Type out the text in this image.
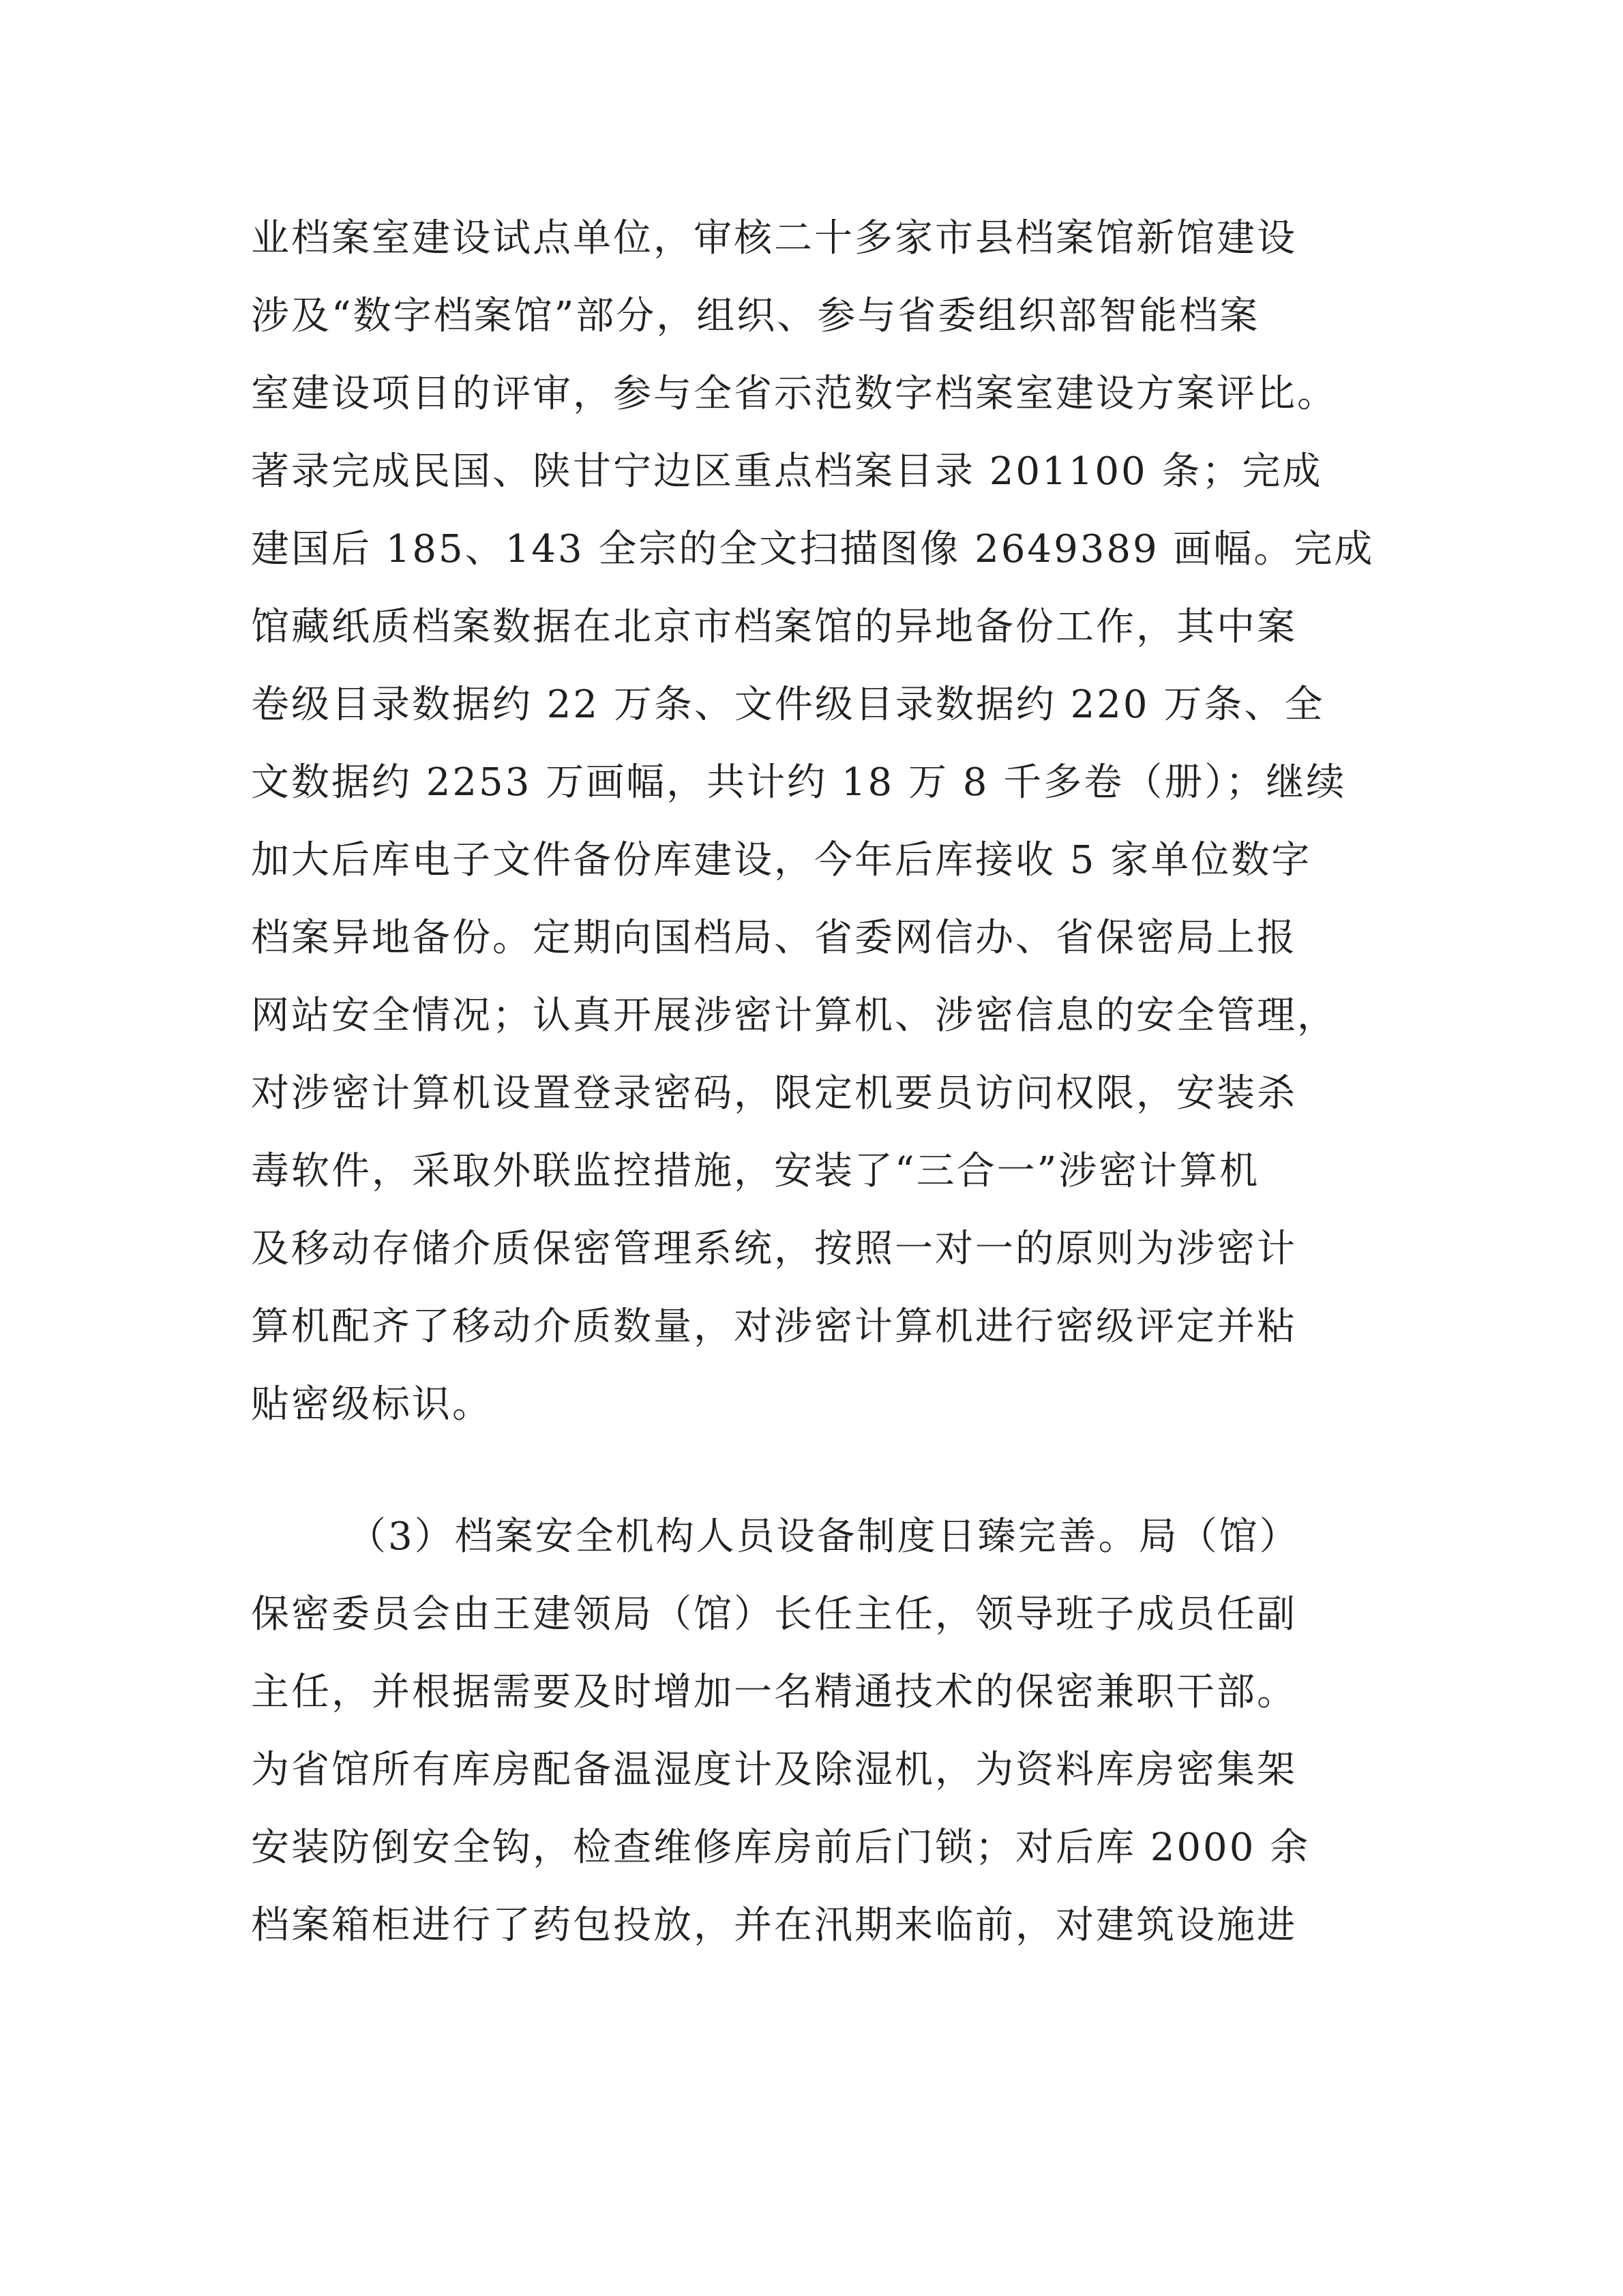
业档案室建设试点单位，审核二十多家市县档案馆新馆建设
涉及“数字档案馆”部分，组织、参与省委组织部智能档案
室建设项目的评审，参与全省示范数字档案室建设方案评比。
著录完成民国、陕甘宁边区重点档案目录 201100 条；完成
建国后 185、143 全宗的全文扫描图像 2649389 画幅。完成
馆藏纸质档案数据在北京市档案馆的异地备份工作，其中案
卷级目录数据约 22 万条、文件级目录数据约 220 万条、全
文数据约 2253 万画幅，共计约 18 万 8 千多卷（册）；继续
加大后库电子文件备份库建设，今年后库接收 5 家单位数字
档案异地备份。定期向国档局、省委网信办、省保密局上报
网站安全情况；认真开展涉密计算机、涉密信息的安全管理，
对涉密计算机设置登录密码，限定机要员访问权限，安装杀
毒软件，采取外联监控措施，安装了“三合一”涉密计算机
及移动存储介质保密管理系统，按照一对一的原则为涉密计
算机配齐了移动介质数量，对涉密计算机进行密级评定并粘
贴密级标识。
（3）档案安全机构人员设备制度日臻完善。局（馆）
保密委员会由王建领局（馆）长任主任，领导班子成员任副
主任，并根据需要及时增加一名精通技术的保密兼职干部。
为省馆所有库房配备温湿度计及除湿机，为资料库房密集架
安装防倒安全钩，检查维修库房前后门锁；对后库 2000 余
档案箱柜进行了药包投放，并在汛期来临前，对建筑设施进
